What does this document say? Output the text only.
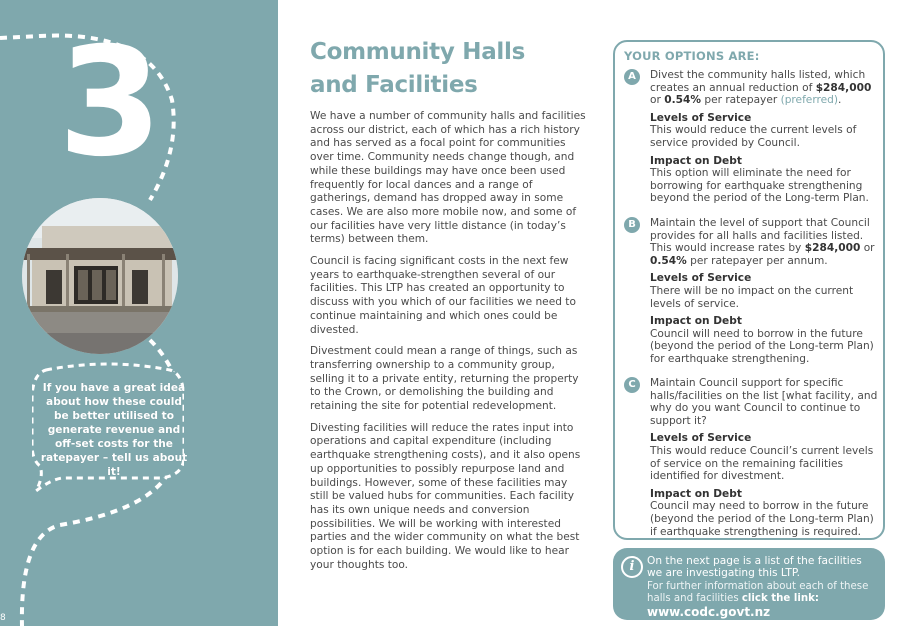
3
If you have a great idea about how these could be better utilised to generate revenue and off-set costs for the ratepayer – tell us about it!
8
Community Halls and Facilities

We have a number of community halls and facilities across our district, each of which has a rich history and has served as a focal point for communities over time. Community needs change though, and while these buildings may have once been used frequently for local dances and a range of gatherings, demand has dropped away in some cases. We are also more mobile now, and some of our facilities have very little distance (in today’s terms) between them.

Council is facing significant costs in the next few years to earthquake-strengthen several of our facilities. This LTP has created an opportunity to discuss with you which of our facilities we need to continue maintaining and which ones could be divested.

Divestment could mean a range of things, such as transferring ownership to a community group, selling it to a private entity, returning the property to the Crown, or demolishing the building and retaining the site for potential redevelopment.

Divesting facilities will reduce the rates input into operations and capital expenditure (including earthquake strengthening costs), and it also opens up opportunities to possibly repurpose land and buildings. However, some of these facilities may still be valued hubs for communities. Each facility has its own unique needs and conversion possibilities. We will be working with interested parties and the wider community on what the best option is for each building. We would like to hear your thoughts too.

YOUR OPTIONS ARE:
A	Divest the community halls listed, which creates an annual reduction of $284,000 or 0.54% per ratepayer (preferred).
Levels of Service
This would reduce the current levels of service provided by Council.
Impact on Debt
This option will eliminate the need for borrowing for earthquake strengthening beyond the period of the Long-term Plan.
B	Maintain the level of support that Council provides for all halls and facilities listed. This would increase rates by $284,000 or 0.54% per ratepayer per annum.
Levels of Service
There will be no impact on the current levels of service.
Impact on Debt
Council will need to borrow in the future (beyond the period of the Long-term Plan) for earthquake strengthening.
C	Maintain Council support for specific halls/facilities on the list [what facility, and why do you want Council to continue to support it?
Levels of Service
This would reduce Council’s current levels of service on the remaining facilities identified for divestment.
Impact on Debt
Council may need to borrow in the future (beyond the period of the Long-term Plan) if earthquake strengthening is required.
i	On the next page is a list of the facilities we are investigating this LTP.
For further information about each of these halls and facilities click the link:
www.codc.govt.nz
